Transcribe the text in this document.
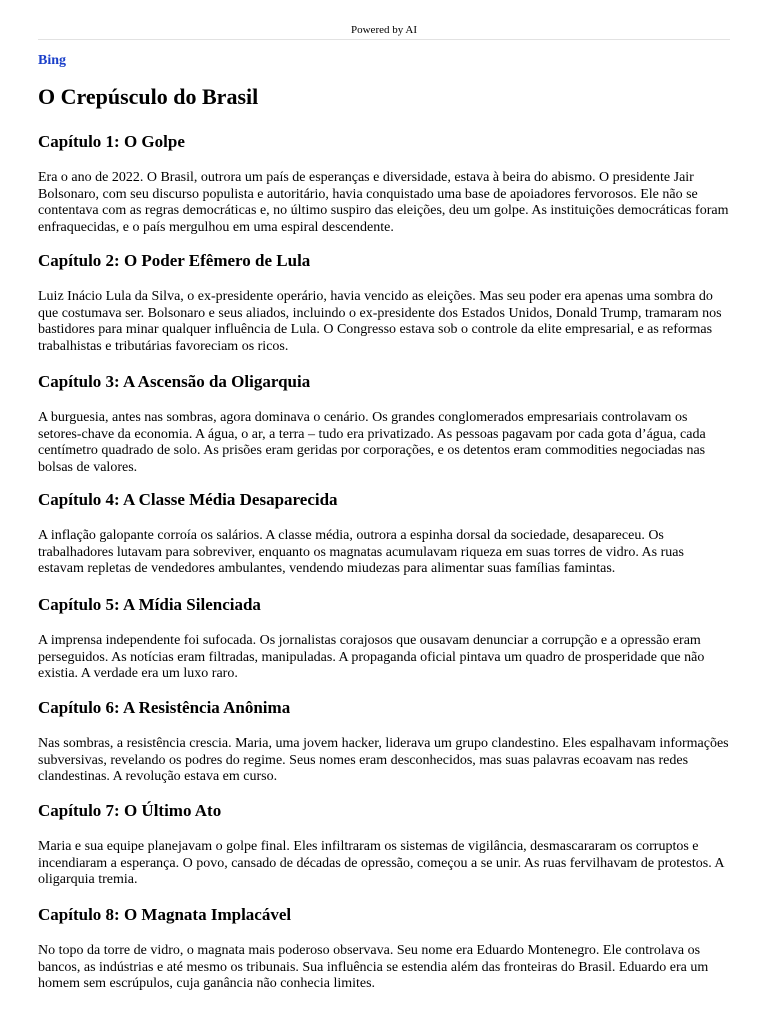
Powered by AI
Bing
O Crepúsculo do Brasil
Capítulo 1: O Golpe

Era o ano de 2022. O Brasil, outrora um país de esperanças e diversidade, estava à beira do abismo. O presidente Jair Bolsonaro, com seu discurso populista e autoritário, havia conquistado uma base de apoiadores fervorosos. Ele não se contentava com as regras democráticas e, no último suspiro das eleições, deu um golpe. As instituições democráticas foram enfraquecidas, e o país mergulhou em uma espiral descendente.

Capítulo 2: O Poder Efêmero de Lula

Luiz Inácio Lula da Silva, o ex-presidente operário, havia vencido as eleições. Mas seu poder era apenas uma sombra do que costumava ser. Bolsonaro e seus aliados, incluindo o ex-presidente dos Estados Unidos, Donald Trump, tramaram nos bastidores para minar qualquer influência de Lula. O Congresso estava sob o controle da elite empresarial, e as reformas trabalhistas e tributárias favoreciam os ricos.

Capítulo 3: A Ascensão da Oligarquia

A burguesia, antes nas sombras, agora dominava o cenário. Os grandes conglomerados empresariais controlavam os setores-chave da economia. A água, o ar, a terra – tudo era privatizado. As pessoas pagavam por cada gota d’água, cada centímetro quadrado de solo. As prisões eram geridas por corporações, e os detentos eram commodities negociadas nas bolsas de valores.

Capítulo 4: A Classe Média Desaparecida

A inflação galopante corroía os salários. A classe média, outrora a espinha dorsal da sociedade, desapareceu. Os trabalhadores lutavam para sobreviver, enquanto os magnatas acumulavam riqueza em suas torres de vidro. As ruas estavam repletas de vendedores ambulantes, vendendo miudezas para alimentar suas famílias famintas.

Capítulo 5: A Mídia Silenciada

A imprensa independente foi sufocada. Os jornalistas corajosos que ousavam denunciar a corrupção e a opressão eram perseguidos. As notícias eram filtradas, manipuladas. A propaganda oficial pintava um quadro de prosperidade que não existia. A verdade era um luxo raro.

Capítulo 6: A Resistência Anônima

Nas sombras, a resistência crescia. Maria, uma jovem hacker, liderava um grupo clandestino. Eles espalhavam informações subversivas, revelando os podres do regime. Seus nomes eram desconhecidos, mas suas palavras ecoavam nas redes clandestinas. A revolução estava em curso.

Capítulo 7: O Último Ato

Maria e sua equipe planejavam o golpe final. Eles infiltraram os sistemas de vigilância, desmascararam os corruptos e incendiaram a esperança. O povo, cansado de décadas de opressão, começou a se unir. As ruas fervilhavam de protestos. A oligarquia tremia.

Capítulo 8: O Magnata Implacável

No topo da torre de vidro, o magnata mais poderoso observava. Seu nome era Eduardo Montenegro. Ele controlava os bancos, as indústrias e até mesmo os tribunais. Sua influência se estendia além das fronteiras do Brasil. Eduardo era um homem sem escrúpulos, cuja ganância não conhecia limites.
